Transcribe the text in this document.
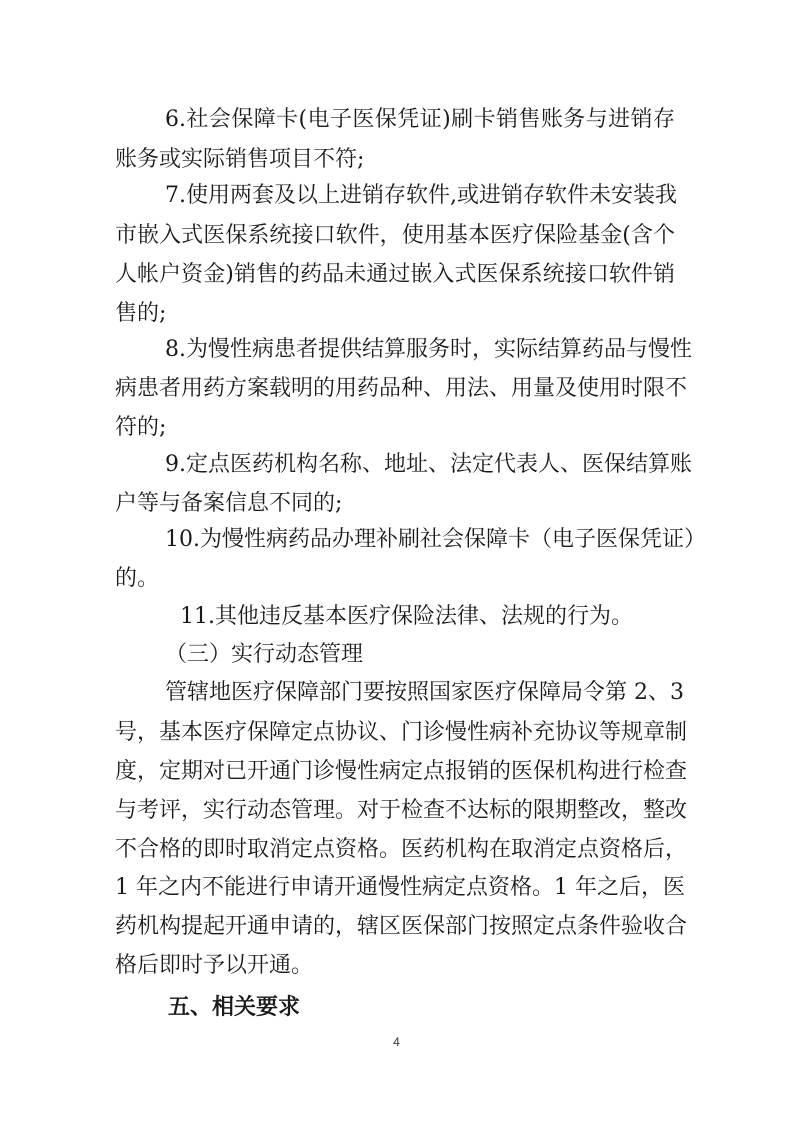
6.社会保障卡(电子医保凭证)刷卡销售账务与进销存
账务或实际销售项目不符;
7.使用两套及以上进销存软件,或进销存软件未安装我
市嵌入式医保系统接口软件，使用基本医疗保险基金(含个
人帐户资金)销售的药品未通过嵌入式医保系统接口软件销
售的;
8.为慢性病患者提供结算服务时，实际结算药品与慢性
病患者用药方案载明的用药品种、用法、用量及使用时限不
符的;
9.定点医药机构名称、地址、法定代表人、医保结算账
户等与备案信息不同的;
10.为慢性病药品办理补刷社会保障卡（电子医保凭证）
的。
11.其他违反基本医疗保险法律、法规的行为。
（三）实行动态管理
管辖地医疗保障部门要按照国家医疗保障局令第 2、3
号，基本医疗保障定点协议、门诊慢性病补充协议等规章制
度，定期对已开通门诊慢性病定点报销的医保机构进行检查
与考评，实行动态管理。对于检查不达标的限期整改，整改
不合格的即时取消定点资格。医药机构在取消定点资格后，
1 年之内不能进行申请开通慢性病定点资格。1 年之后，医
药机构提起开通申请的，辖区医保部门按照定点条件验收合
格后即时予以开通。
五、相关要求
4
